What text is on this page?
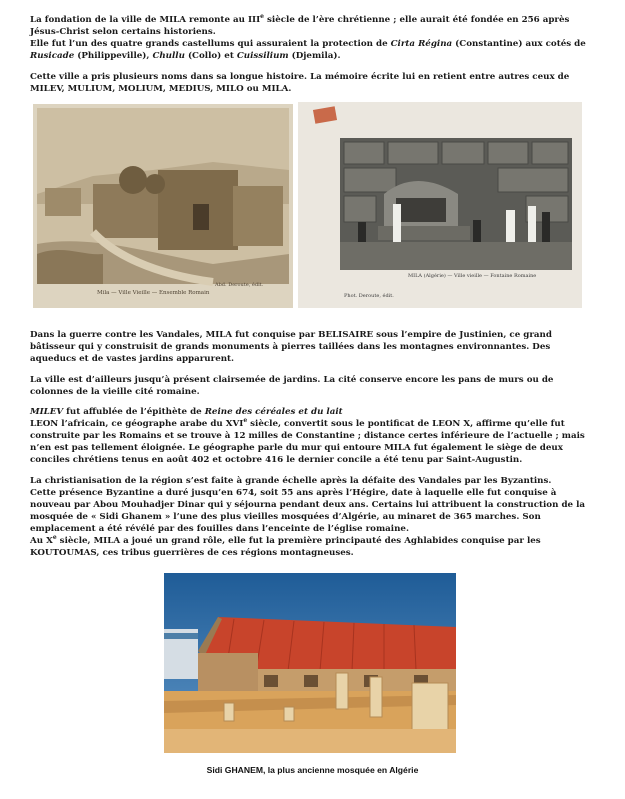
La fondation de la ville de MILA remonte au IIIe siècle de l’ère chrétienne ; elle aurait été fondée en 256 après
Jésus-Christ selon certains historiens.
Elle fut l’un des quatre grands castellums qui assuraient la protection de Cirta Régina (Constantine) aux cotés de
Rusicade (Philippeville), Chullu (Collo) et Cuissilium (Djemila).
Cette ville a pris plusieurs noms dans sa longue histoire. La mémoire écrite lui en retient entre autres ceux de
MILEV, MULIUM, MOLIUM, MEDIUS, MILO ou MILA.
Mila — Ville Vieille — Ensemble Romain
Abd. Deroute, édit.
MILA (Algérie) — Ville vieille — Fontaine Romaine
Phot. Deroute, édit.
Dans la guerre contre les Vandales, MILA fut conquise par BELISAIRE sous l’empire de Justinien, ce grand
bâtisseur qui y construisit de grands monuments à pierres taillées dans les montagnes environnantes. Des
aqueducs et de vastes jardins apparurent.
La ville est d’ailleurs jusqu’à présent clairsemée de jardins. La cité conserve encore les pans de murs ou de
colonnes de la vieille cité romaine.
MILEV fut affublée de l’épithète de Reine des céréales et du lait
LEON l’africain, ce géographe arabe du XVIe siècle, convertit sous le pontificat de LEON X, affirme qu’elle fut
construite par les Romains et se trouve à 12 milles de Constantine ; distance certes inférieure de l’actuelle ; mais
n’en est pas tellement éloignée. Le géographe parle du mur qui entoure MILA fut également le siège de deux
conciles chrétiens tenus en août 402 et octobre 416 le dernier concile a été tenu par Saint-Augustin.
La christianisation de la région s’est faite à grande échelle après la défaite des Vandales par les Byzantins.
Cette présence Byzantine a duré jusqu’en 674, soit 55 ans après l’Hégire, date à laquelle elle fut conquise à
nouveau par Abou Mouhadjer Dinar qui y séjourna pendant deux ans. Certains lui attribuent la construction de la
mosquée de « Sidi Ghanem » l’une des plus vieilles mosquées d’Algérie, au minaret de 365 marches. Son
emplacement a été révélé par des fouilles dans l’enceinte de l’église romaine.
Au Xe siècle, MILA a joué un grand rôle, elle fut la première principauté des Aghlabides conquise par les
KOUTOUMAS, ces tribus guerrières de ces régions montagneuses.
Sidi GHANEM, la plus ancienne mosquée en Algérie
